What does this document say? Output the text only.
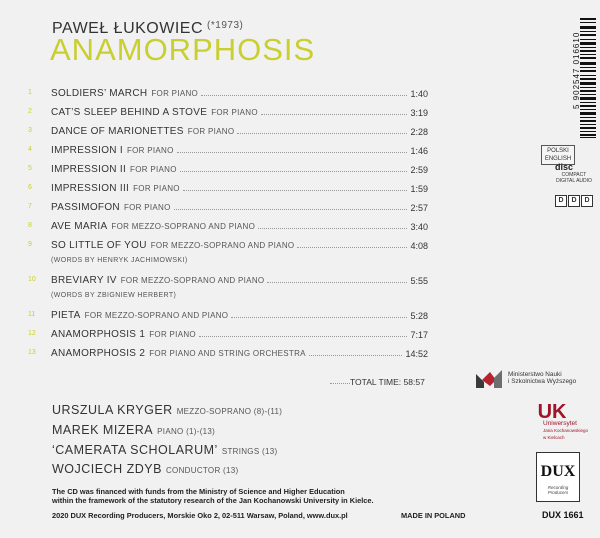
PAWEŁ ŁUKOWIEC $^{(*1973)}$
ANAMORPHOSIS
1	SOLDIERS’ MARCH FOR PIANO	1:40
2	CAT’S SLEEP BEHIND A STOVE FOR PIANO	3:19
3	DANCE OF MARIONETTES FOR PIANO	2:28
4	IMPRESSION I FOR PIANO	1:46
5	IMPRESSION II FOR PIANO	2:59
6	IMPRESSION III FOR PIANO	1:59
7	PASSIMOFON FOR PIANO	2:57
8	AVE MARIA FOR MEZZO-SOPRANO AND PIANO	3:40
9	SO LITTLE OF YOU FOR MEZZO-SOPRANO AND PIANO	4:08
(WORDS BY HENRYK JACHIMOWSKI)
10	BREVIARY IV FOR MEZZO-SOPRANO AND PIANO	5:55
(WORDS BY ZBIGNIEW HERBERT)
11	PIETA FOR MEZZO-SOPRANO AND PIANO	5:28
12	ANAMORPHOSIS 1 FOR PIANO	7:17
13	ANAMORPHOSIS 2 FOR PIANO AND STRING ORCHESTRA	14:52
TOTAL TIME:
58:57
URSZULA KRYGER MEZZO-SOPRANO (8)-(11)
MAREK MIZERA PIANO (1)-(13)
‘CAMERATA SCHOLARUM’ STRINGS (13)
WOJCIECH ZDYB CONDUCTOR (13)
The CD was financed with funds from the Ministry of Science and Higher Education
within the framework of the statutory research of the Jan Kochanowski University in Kielce.
2020 DUX Recording Producers, Morskie Oko 2, 02-511 Warsaw, Poland, www.dux.pl	MADE IN POLAND	DUX 1661
5 902547 016610
POLSKI
ENGLISH
disc
COMPACT
DIGITAL AUDIO
D	D	D
Ministerstwo Nauki
i Szkolnictwa Wyższego
UK
Uniwersytet
Jana Kochanowskiego
w Kielcach
DUX
Recording Producers
